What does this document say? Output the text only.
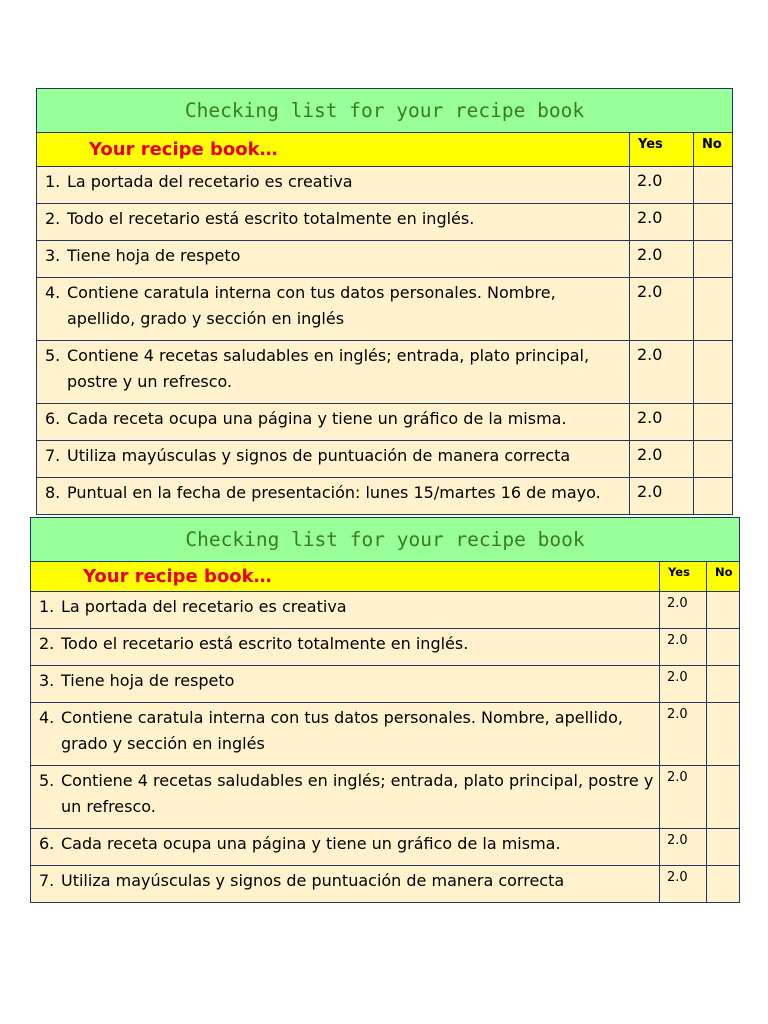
Checking list for your recipe book		
Your recipe book…	Yes	No

1. La portada del recetario es creativa	2.0	

2. Todo el recetario está escrito totalmente en inglés.	2.0	

3. Tiene hoja de respeto	2.0	

4. Contiene caratula interna con tus datos personales. Nombre, apellido, grado y sección en inglés	2.0	

5. Contiene 4 recetas saludables en inglés; entrada, plato principal, postre y un refresco.	2.0	

6. Cada receta ocupa una página y tiene un gráfico de la misma.	2.0	

7. Utiliza mayúsculas y signos de puntuación de manera correcta	2.0	

8. Puntual en la fecha de presentación: lunes 15/martes 16 de mayo.	2.0	
Checking list for your recipe book		
Your recipe book…	Yes	No

1. La portada del recetario es creativa	2.0	

2. Todo el recetario está escrito totalmente en inglés.	2.0	

3. Tiene hoja de respeto	2.0	

4. Contiene caratula interna con tus datos personales. Nombre, apellido, grado y sección en inglés	2.0	

5. Contiene 4 recetas saludables en inglés; entrada, plato principal, postre y un refresco.	2.0	

6. Cada receta ocupa una página y tiene un gráfico de la misma.	2.0	

7. Utiliza mayúsculas y signos de puntuación de manera correcta	2.0	
